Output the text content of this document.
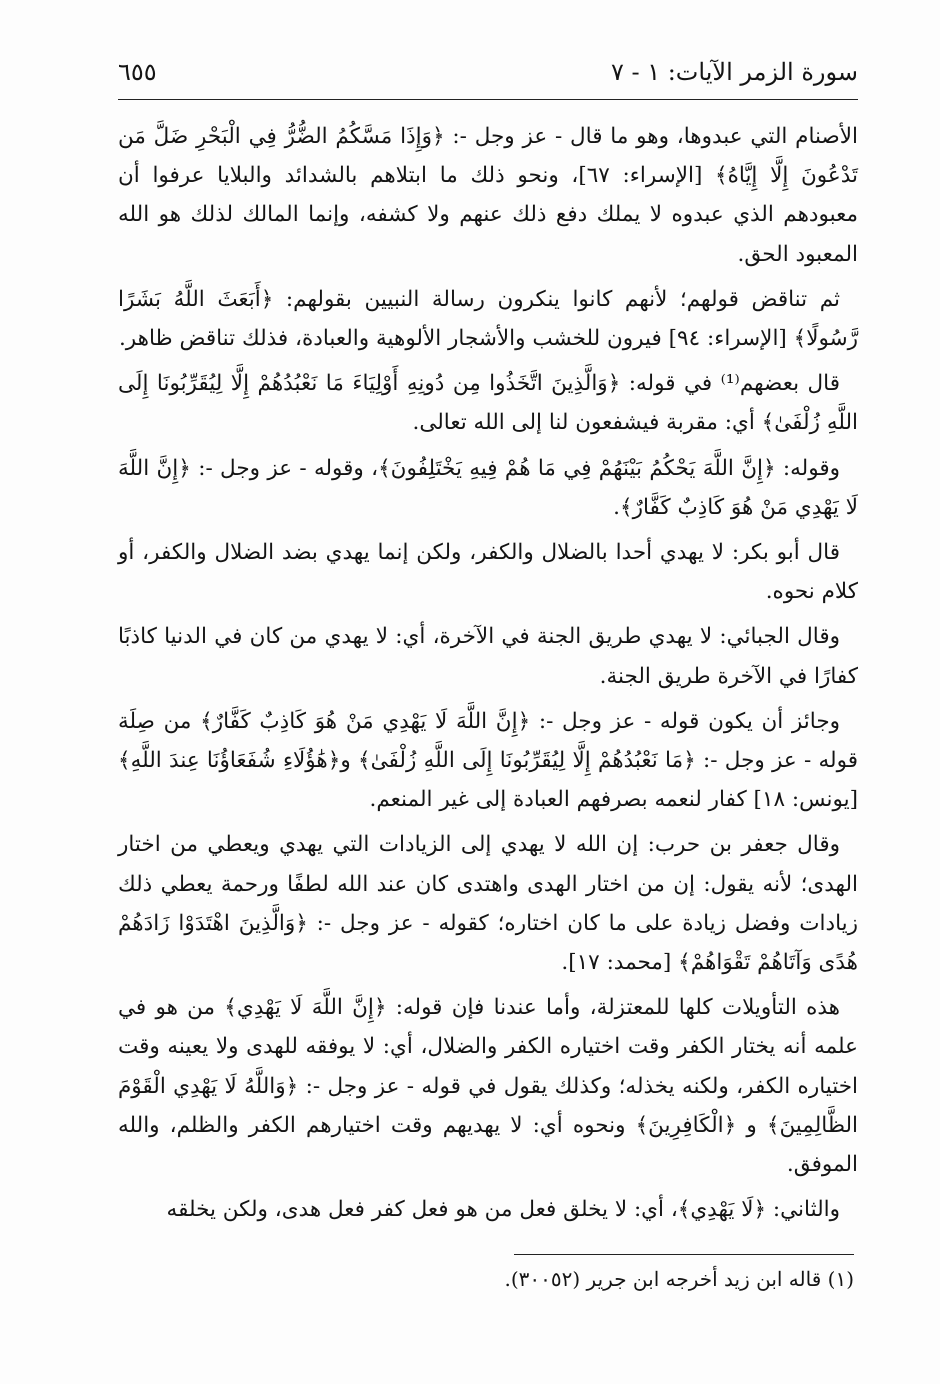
سورة الزمر الآيات: ١ - ٧
٦٥٥

الأصنام التي عبدوها، وهو ما قال - عز وجل -: ﴿وَإِذَا مَسَّكُمُ الضُّرُّ فِي الْبَحْرِ ضَلَّ مَن تَدْعُونَ إِلَّا إِيَّاهُ﴾ [الإسراء: ٦٧]، ونحو ذلك ما ابتلاهم بالشدائد والبلايا عرفوا أن معبودهم الذي عبدوه لا يملك دفع ذلك عنهم ولا كشفه، وإنما المالك لذلك هو الله المعبود الحق.

ثم تناقض قولهم؛ لأنهم كانوا ينكرون رسالة النبيين بقولهم: ﴿أَبَعَثَ اللَّهُ بَشَرًا رَّسُولًا﴾ [الإسراء: ٩٤] فيرون للخشب والأشجار الألوهية والعبادة، فذلك تناقض ظاهر.

قال بعضهم⁽¹⁾ في قوله: ﴿وَالَّذِينَ اتَّخَذُوا مِن دُونِهِ أَوْلِيَاءَ مَا نَعْبُدُهُمْ إِلَّا لِيُقَرِّبُونَا إِلَى اللَّهِ زُلْفَىٰ﴾ أي: مقربة فيشفعون لنا إلى الله تعالى.

وقوله: ﴿إِنَّ اللَّهَ يَحْكُمُ بَيْنَهُمْ فِي مَا هُمْ فِيهِ يَخْتَلِفُونَ﴾، وقوله - عز وجل -: ﴿إِنَّ اللَّهَ لَا يَهْدِي مَنْ هُوَ كَاذِبٌ كَفَّارٌ﴾.

قال أبو بكر: لا يهدي أحدا بالضلال والكفر، ولكن إنما يهدي بضد الضلال والكفر، أو كلام نحوه.

وقال الجبائي: لا يهدي طريق الجنة في الآخرة، أي: لا يهدي من كان في الدنيا كاذبًا كفارًا في الآخرة طريق الجنة.

وجائز أن يكون قوله - عز وجل -: ﴿إِنَّ اللَّهَ لَا يَهْدِي مَنْ هُوَ كَاذِبٌ كَفَّارٌ﴾ من صِلَة قوله - عز وجل -: ﴿مَا نَعْبُدُهُمْ إِلَّا لِيُقَرِّبُونَا إِلَى اللَّهِ زُلْفَىٰ﴾ و﴿هَٰؤُلَاءِ شُفَعَاؤُنَا عِندَ اللَّهِ﴾ [يونس: ١٨] كفار لنعمه بصرفهم العبادة إلى غير المنعم.

وقال جعفر بن حرب: إن الله لا يهدي إلى الزيادات التي يهدي ويعطي من اختار الهدى؛ لأنه يقول: إن من اختار الهدى واهتدى كان عند الله لطفًا ورحمة يعطي ذلك زيادات وفضل زيادة على ما كان اختاره؛ كقوله - عز وجل -: ﴿وَالَّذِينَ اهْتَدَوْا زَادَهُمْ هُدًى وَآتَاهُمْ تَقْوَاهُمْ﴾ [محمد: ١٧].

هذه التأويلات كلها للمعتزلة، وأما عندنا فإن قوله: ﴿إِنَّ اللَّهَ لَا يَهْدِي﴾ من هو في علمه أنه يختار الكفر وقت اختياره الكفر والضلال، أي: لا يوفقه للهدى ولا يعينه وقت اختياره الكفر، ولكنه يخذله؛ وكذلك يقول في قوله - عز وجل -: ﴿وَاللَّهُ لَا يَهْدِي الْقَوْمَ الظَّالِمِينَ﴾ و ﴿الْكَافِرِينَ﴾ ونحوه أي: لا يهديهم وقت اختيارهم الكفر والظلم، والله الموفق.

والثاني: ﴿لَا يَهْدِي﴾، أي: لا يخلق فعل من هو فعل كفر فعل هدى، ولكن يخلقه

(١) قاله ابن زيد أخرجه ابن جرير (٣٠٠٥٢).
